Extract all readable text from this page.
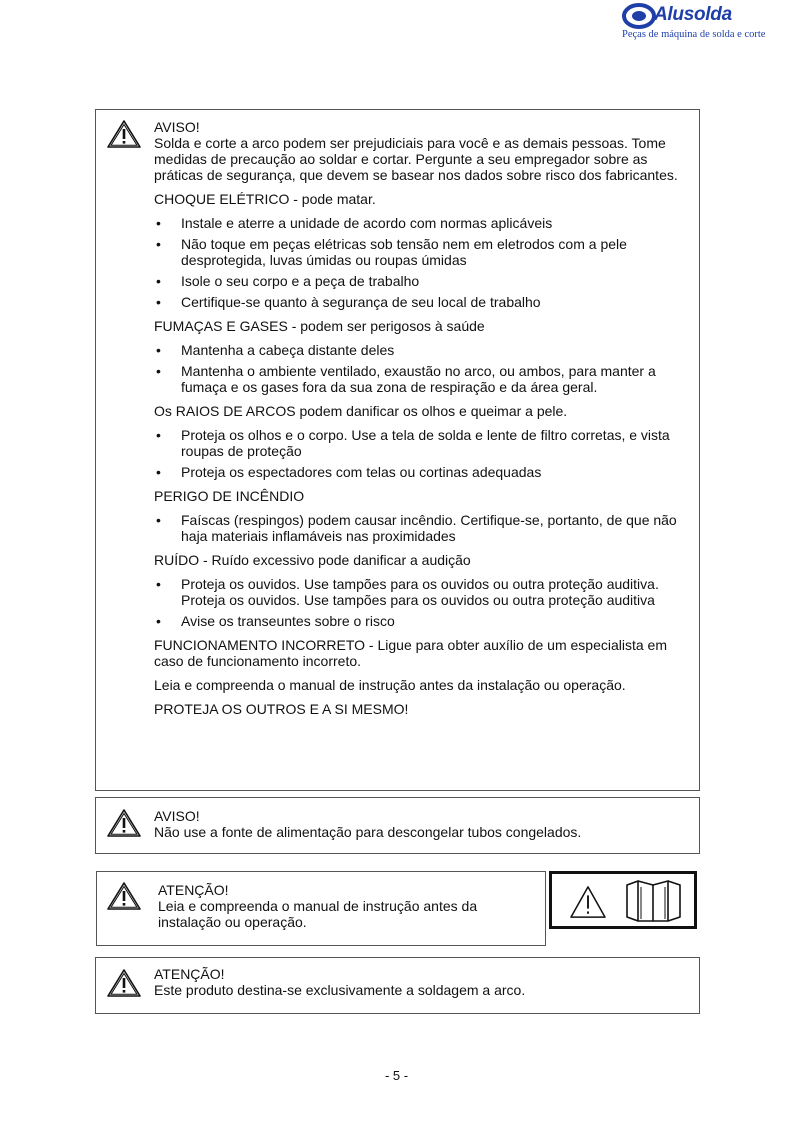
Alusolda
Peças de máquina de solda e corte
AVISO!
Solda e corte a arco podem ser prejudiciais para você e as demais pessoas. Tome medidas de precaução ao soldar e cortar. Pergunte a seu empregador sobre as práticas de segurança, que devem se basear nos dados sobre risco dos fabricantes.
CHOQUE ELÉTRICO - pode matar.
• Instale e aterre a unidade de acordo com normas aplicáveis
• Não toque em peças elétricas sob tensão nem em eletrodos com a pele desprotegida, luvas úmidas ou roupas úmidas
• Isole o seu corpo e a peça de trabalho
• Certifique-se quanto à segurança de seu local de trabalho
FUMAÇAS E GASES - podem ser perigosos à saúde
• Mantenha a cabeça distante deles
• Mantenha o ambiente ventilado, exaustão no arco, ou ambos, para manter a fumaça e os gases fora da sua zona de respiração e da área geral.
Os RAIOS DE ARCOS podem danificar os olhos e queimar a pele.
• Proteja os olhos e o corpo. Use a tela de solda e lente de filtro corretas, e vista roupas de proteção
• Proteja os espectadores com telas ou cortinas adequadas
PERIGO DE INCÊNDIO
• Faíscas (respingos) podem causar incêndio. Certifique-se, portanto, de que não haja materiais inflamáveis nas proximidades
RUÍDO - Ruído excessivo pode danificar a audição
• Proteja os ouvidos. Use tampões para os ouvidos ou outra proteção auditiva. Proteja os ouvidos. Use tampões para os ouvidos ou outra proteção auditiva
• Avise os transeuntes sobre o risco
FUNCIONAMENTO INCORRETO - Ligue para obter auxílio de um especialista em caso de funcionamento incorreto.
Leia e compreenda o manual de instrução antes da instalação ou operação.
PROTEJA OS OUTROS E A SI MESMO!
AVISO!
Não use a fonte de alimentação para descongelar tubos congelados.
ATENÇÃO!
Leia e compreenda o manual de instrução antes da instalação ou operação.
ATENÇÃO!
Este produto destina-se exclusivamente a soldagem a arco.
- 5 -
